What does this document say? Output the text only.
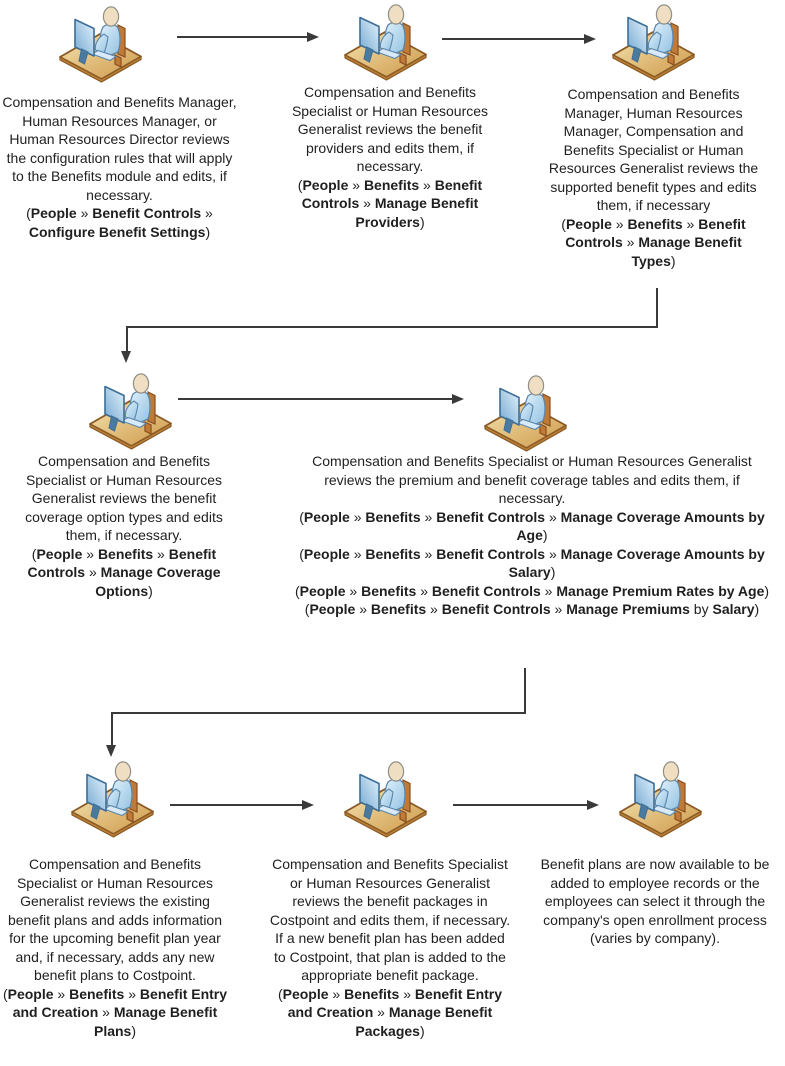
Compensation and Benefits Manager, Human Resources Manager, or Human Resources Director reviews the configuration rules that will apply to the Benefits module and edits, if necessary.
(People » Benefit Controls » Configure Benefit Settings)
Compensation and Benefits Specialist or Human Resources Generalist reviews the benefit providers and edits them, if necessary.
(People » Benefits » Benefit Controls » Manage Benefit Providers)
Compensation and Benefits Manager, Human Resources Manager, Compensation and Benefits Specialist or Human Resources Generalist reviews the supported benefit types and edits them, if necessary
(People » Benefits » Benefit Controls » Manage Benefit Types)
Compensation and Benefits Specialist or Human Resources Generalist reviews the benefit coverage option types and edits them, if necessary.
(People » Benefits » Benefit Controls » Manage Coverage Options)
Compensation and Benefits Specialist or Human Resources Generalist reviews the premium and benefit coverage tables and edits them, if necessary.
(People » Benefits » Benefit Controls » Manage Coverage Amounts by Age)
(People » Benefits » Benefit Controls » Manage Coverage Amounts by Salary)
(People » Benefits » Benefit Controls » Manage Premium Rates by Age)
(People » Benefits » Benefit Controls » Manage Premiums by Salary)
Compensation and Benefits Specialist or Human Resources Generalist reviews the existing benefit plans and adds information for the upcoming benefit plan year and, if necessary, adds any new benefit plans to Costpoint.
(People » Benefits » Benefit Entry and Creation » Manage Benefit Plans)
Compensation and Benefits Specialist or Human Resources Generalist reviews the benefit packages in Costpoint and edits them, if necessary. If a new benefit plan has been added to Costpoint, that plan is added to the appropriate benefit package.
(People » Benefits » Benefit Entry and Creation » Manage Benefit Packages)
Benefit plans are now available to be added to employee records or the employees can select it through the company's open enrollment process (varies by company).
